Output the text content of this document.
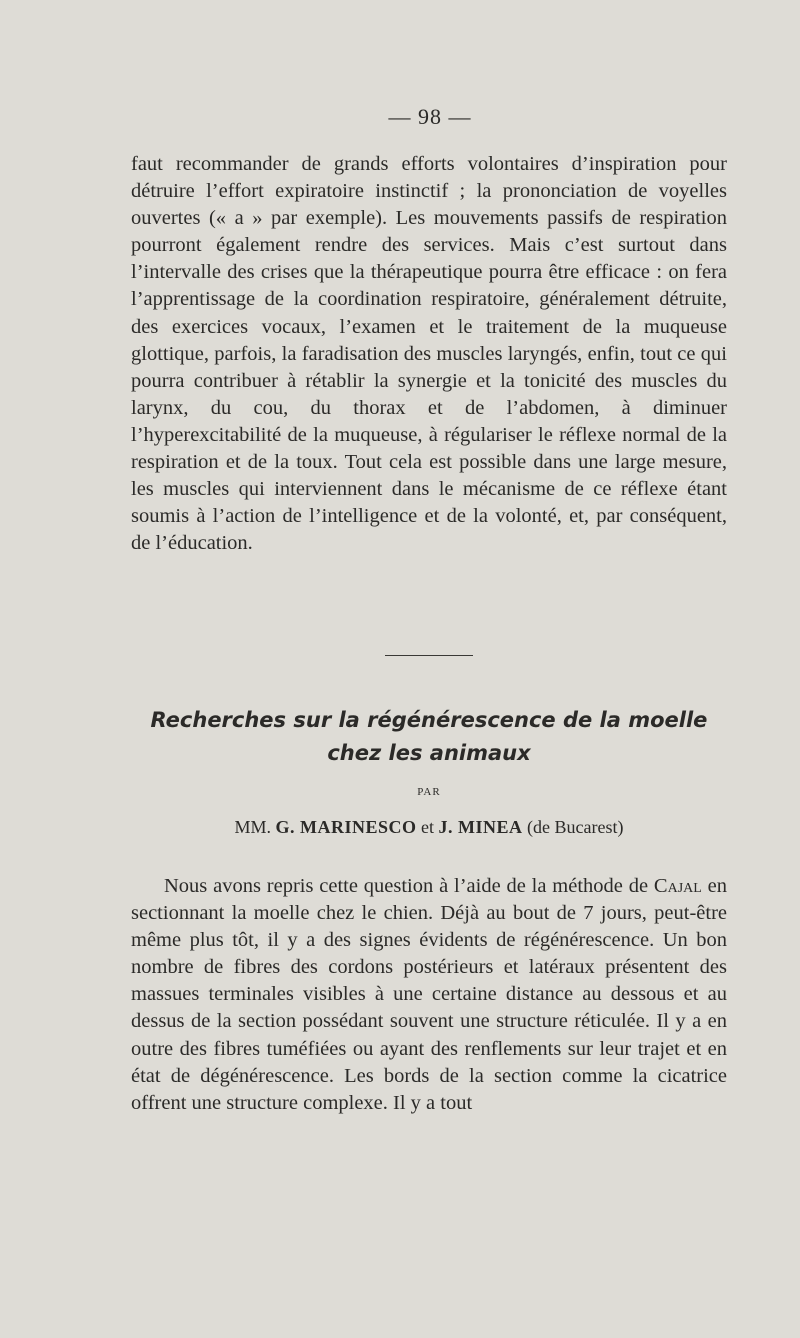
— 98 —
faut recommander de grands efforts volontaires d’inspiration pour détruire l’effort expiratoire instinctif ; la prononciation de voyelles ouvertes (« a » par exemple). Les mouvements passifs de respiration pourront également rendre des services. Mais c’est surtout dans l’intervalle des crises que la thérapeutique pourra être efficace : on fera l’apprentissage de la coordination respiratoire, généralement détruite, des exercices vocaux, l’examen et le traitement de la muqueuse glottique, parfois, la faradisation des muscles laryngés, enfin, tout ce qui pourra contribuer à rétablir la synergie et la tonicité des muscles du larynx, du cou, du thorax et de l’abdomen, à diminuer l’hyperexcitabilité de la muqueuse, à régulariser le réflexe normal de la respiration et de la toux. Tout cela est possible dans une large mesure, les muscles qui interviennent dans le mécanisme de ce réflexe étant soumis à l’action de l’intelligence et de la volonté, et, par conséquent, de l’éducation.
Recherches sur la régénérescence de la moelle
chez les animaux
PAR
MM. G. MARINESCO et J. MINEA (de Bucarest)
Nous avons repris cette question à l’aide de la méthode de Cajal en sectionnant la moelle chez le chien. Déjà au bout de 7 jours, peut-être même plus tôt, il y a des signes évidents de régénérescence. Un bon nombre de fibres des cordons postérieurs et latéraux présentent des massues terminales visibles à une certaine distance au dessous et au dessus de la section possédant souvent une structure réticulée. Il y a en outre des fibres tuméfiées ou ayant des renflements sur leur trajet et en état de dégénérescence. Les bords de la section comme la cicatrice offrent une structure complexe. Il y a tout
